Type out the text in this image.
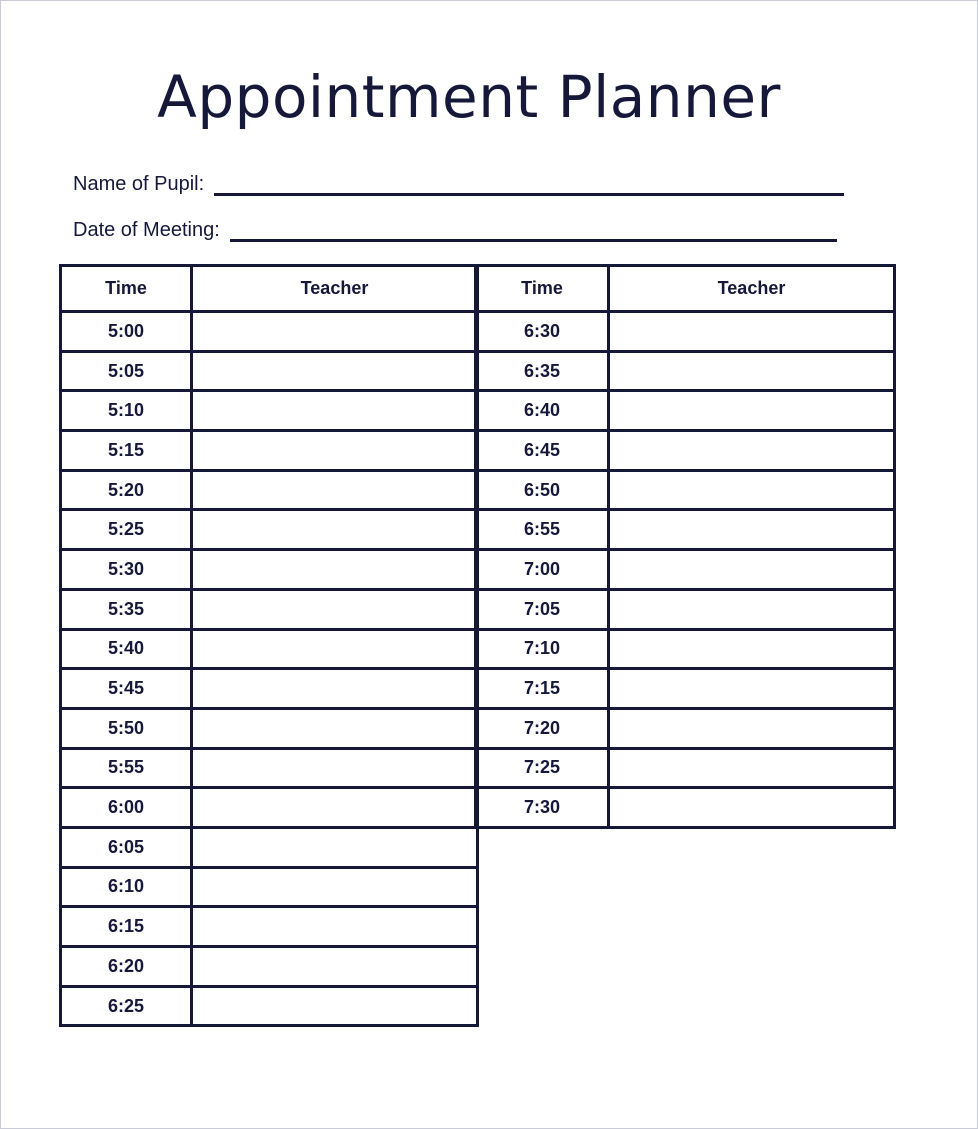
Appointment Planner
Name of Pupil:
Date of Meeting:
Time	Teacher
5:00	
5:05	
5:10	
5:15	
5:20	
5:25	
5:30	
5:35	
5:40	
5:45	
5:50	
5:55	
6:00	
6:05	
6:10	
6:15	
6:20	
6:25	
Time	Teacher
6:30	
6:35	
6:40	
6:45	
6:50	
6:55	
7:00	
7:05	
7:10	
7:15	
7:20	
7:25	
7:30	
